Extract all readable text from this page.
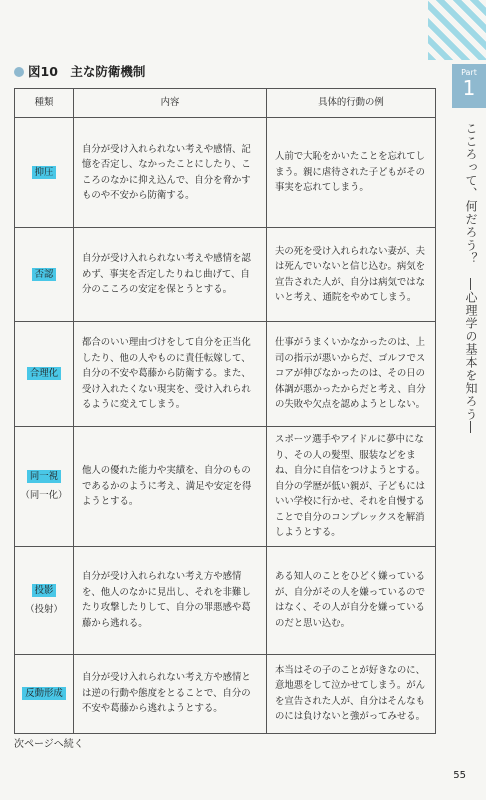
Part
1
こころって、何だろう？　―心理学の基本を知ろう―
図10　 主な防衛機制
種類	内容	具体的行動の例
抑圧	自分が受け入れられない考えや感情、記憶を否定し、なかったことにしたり、こころのなかに抑え込んで、自分を脅かすものや不安から防衛する。	人前で大恥をかいたことを忘れてしまう。親に虐待された子どもがその事実を忘れてしまう。
否認	自分が受け入れられない考えや感情を認めず、事実を否定したりねじ曲げて、自分のこころの安定を保とうとする。	夫の死を受け入れられない妻が、夫は死んでいないと信じ込む。病気を宣告された人が、自分は病気ではないと考え、通院をやめてしまう。
合理化	都合のいい理由づけをして自分を正当化したり、他の人やものに責任転嫁して、自分の不安や葛藤から防衛する。また、受け入れたくない現実を、受け入れられるように変えてしまう。	仕事がうまくいかなかったのは、上司の指示が悪いからだ、ゴルフでスコアが伸びなかったのは、その日の体調が悪かったからだと考え、自分の失敗や欠点を認めようとしない。
同一視
（同一化）	他人の優れた能力や実績を、自分のものであるかのように考え、満足や安定を得ようとする。	スポーツ選手やアイドルに夢中になり、その人の髪型、服装などをまね、自分に自信をつけようとする。自分の学歴が低い親が、子どもにはいい学校に行かせ、それを自慢することで自分のコンプレックスを解消しようとする。
投影
（投射）	自分が受け入れられない考え方や感情を、他人のなかに見出し、それを非難したり攻撃したりして、自分の罪悪感や葛藤から逃れる。	ある知人のことをひどく嫌っているが、自分がその人を嫌っているのではなく、その人が自分を嫌っているのだと思い込む。
反動形成	自分が受け入れられない考え方や感情とは逆の行動や態度をとることで、自分の不安や葛藤から逃れようとする。	本当はその子のことが好きなのに、意地悪をして泣かせてしまう。がんを宣告された人が、自分はそんなものには負けないと強がってみせる。
次ページへ続く
55
